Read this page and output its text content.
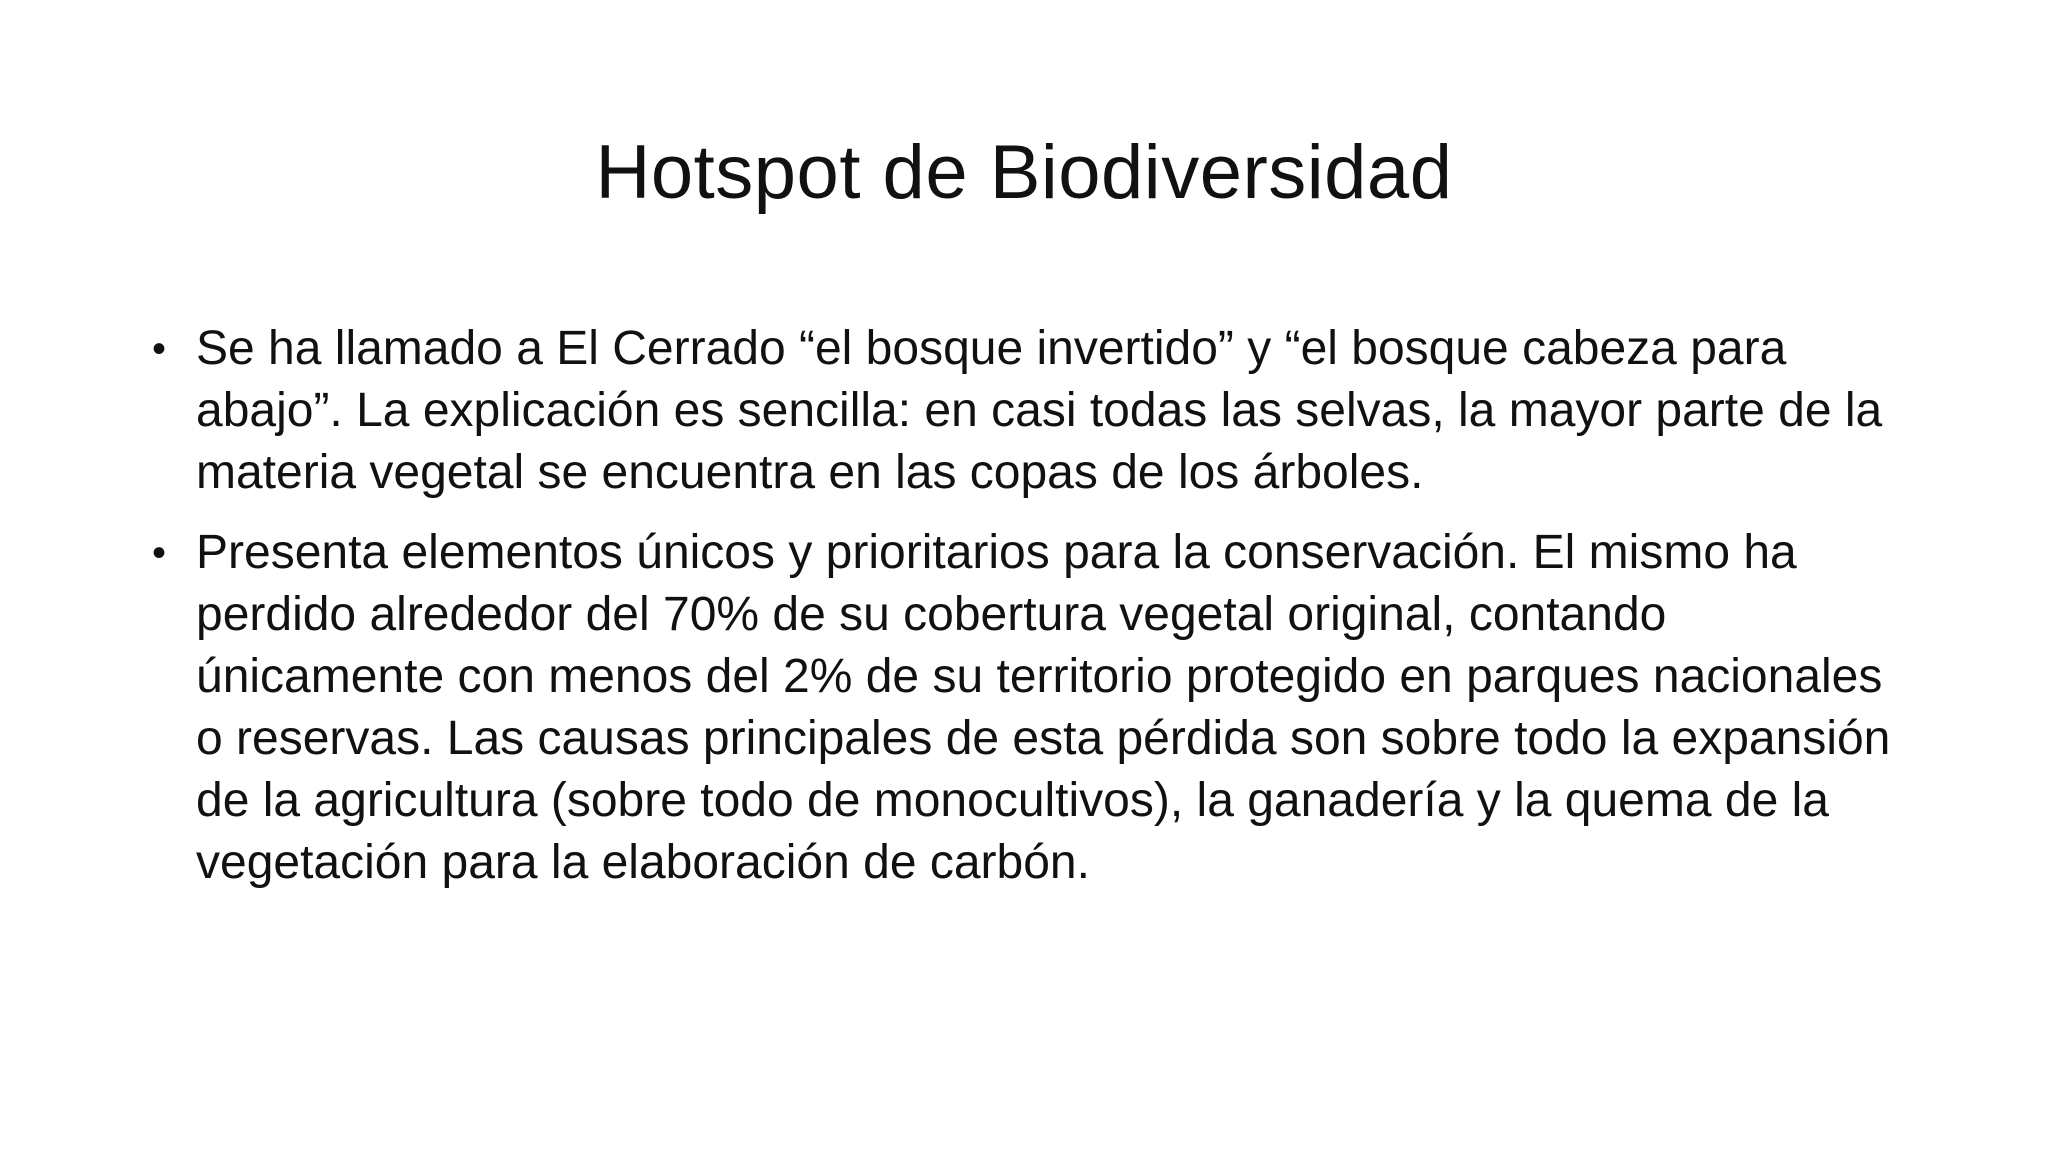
Hotspot de Biodiversidad
• Se ha llamado a El Cerrado “el bosque invertido” y “el bosque cabeza para abajo”. La explicación es sencilla: en casi todas las selvas, la mayor parte de la materia vegetal se encuentra en las copas de los árboles.
• Presenta elementos únicos y prioritarios para la conservación. El mismo ha perdido alrededor del 70% de su cobertura vegetal original, contando únicamente con menos del 2% de su territorio protegido en parques nacionales o reservas. Las causas principales de esta pérdida son sobre todo la expansión de la agricultura (sobre todo de monocultivos), la ganadería y la quema de la vegetación para la elaboración de carbón.
